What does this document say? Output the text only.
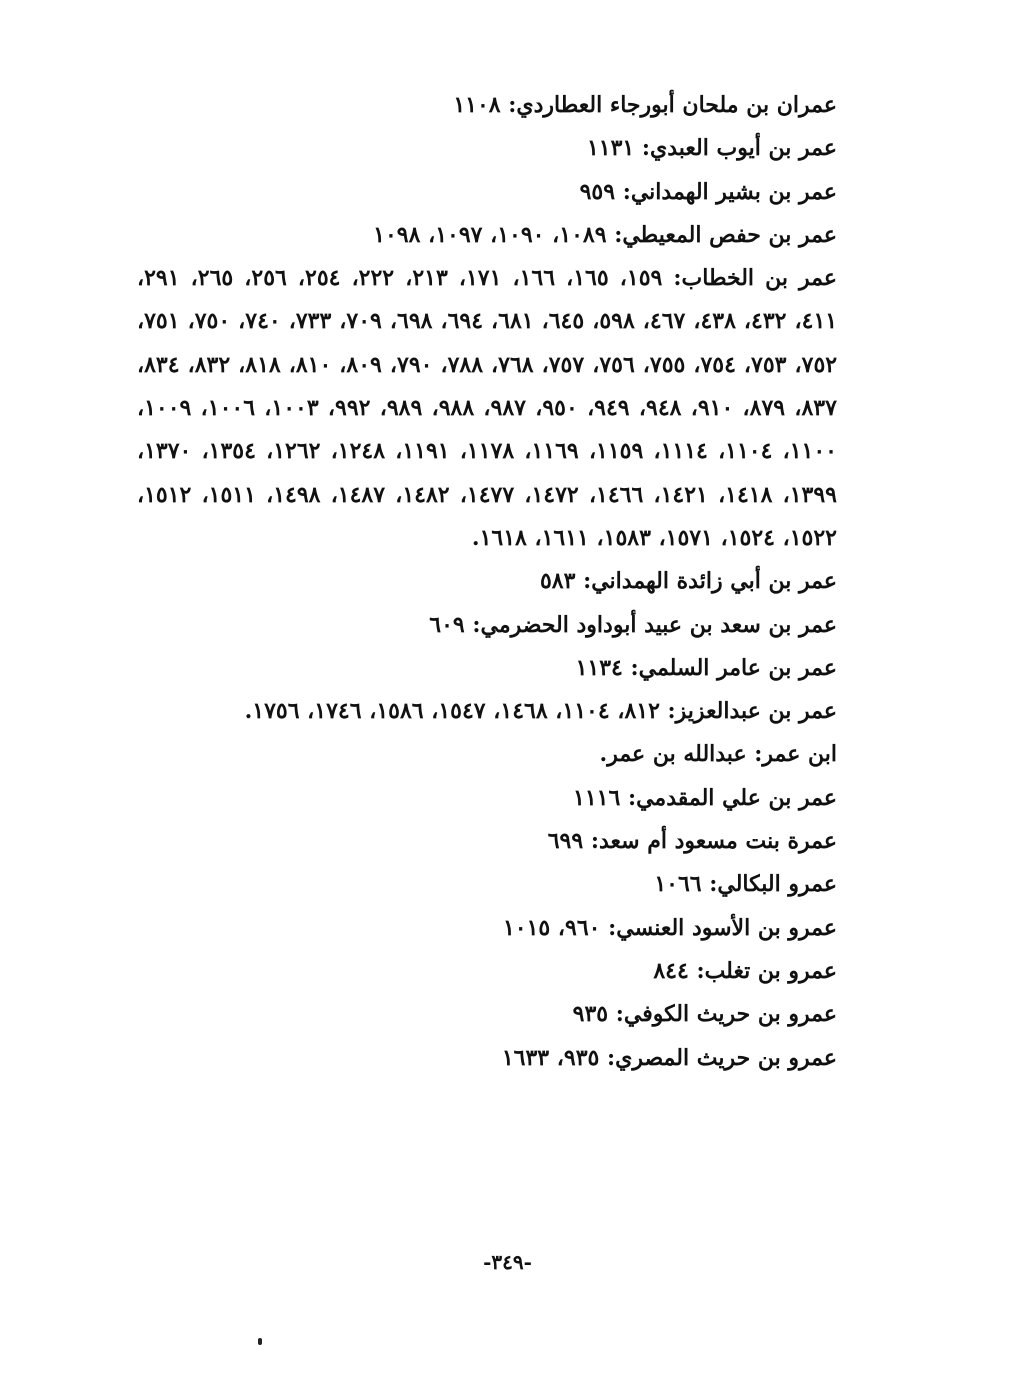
عمران بن ملحان أبورجاء العطاردي: ١١٠٨
عمر بن أيوب العبدي: ١١٣١
عمر بن بشير الهمداني: ٩٥٩
عمر بن حفص المعيطي: ١٠٨٩، ١٠٩٠، ١٠٩٧، ١٠٩٨
عمر بن الخطاب: ١٥٩، ١٦٥، ١٦٦، ١٧١، ٢١٣، ٢٢٢، ٢٥٤، ٢٥٦، ٢٦٥، ٢٩١، ٤١١، ٤٣٢، ٤٣٨، ٤٦٧، ٥٩٨، ٦٤٥، ٦٨١، ٦٩٤، ٦٩٨، ٧٠٩، ٧٣٣، ٧٤٠، ٧٥٠، ٧٥١، ٧٥٢، ٧٥٣، ٧٥٤، ٧٥٥، ٧٥٦، ٧٥٧، ٧٦٨، ٧٨٨، ٧٩٠، ٨٠٩، ٨١٠، ٨١٨، ٨٣٢، ٨٣٤، ٨٣٧، ٨٧٩، ٩١٠، ٩٤٨، ٩٤٩، ٩٥٠، ٩٨٧، ٩٨٨، ٩٨٩، ٩٩٢، ١٠٠٣، ١٠٠٦، ١٠٠٩، ١١٠٠، ١١٠٤، ١١١٤، ١١٥٩، ١١٦٩، ١١٧٨، ١١٩١، ١٢٤٨، ١٢٦٢، ١٣٥٤، ١٣٧٠، ١٣٩٩، ١٤١٨، ١٤٢١، ١٤٦٦، ١٤٧٢، ١٤٧٧، ١٤٨٢، ١٤٨٧، ١٤٩٨، ١٥١١، ١٥١٢، ١٥٢٢، ١٥٢٤، ١٥٧١، ١٥٨٣، ١٦١١، ١٦١٨.
عمر بن أبي زائدة الهمداني: ٥٨٣
عمر بن سعد بن عبيد أبوداود الحضرمي: ٦٠٩
عمر بن عامر السلمي: ١١٣٤
عمر بن عبدالعزيز: ٨١٢، ١١٠٤، ١٤٦٨، ١٥٤٧، ١٥٨٦، ١٧٤٦، ١٧٥٦.
ابن عمر: عبدالله بن عمر.
عمر بن علي المقدمي: ١١١٦
عمرة بنت مسعود أم سعد: ٦٩٩
عمرو البكالي: ١٠٦٦
عمرو بن الأسود العنسي: ٩٦٠، ١٠١٥
عمرو بن تغلب: ٨٤٤
عمرو بن حريث الكوفي: ٩٣٥
عمرو بن حريث المصري: ٩٣٥، ١٦٣٣
-٣٤٩-
